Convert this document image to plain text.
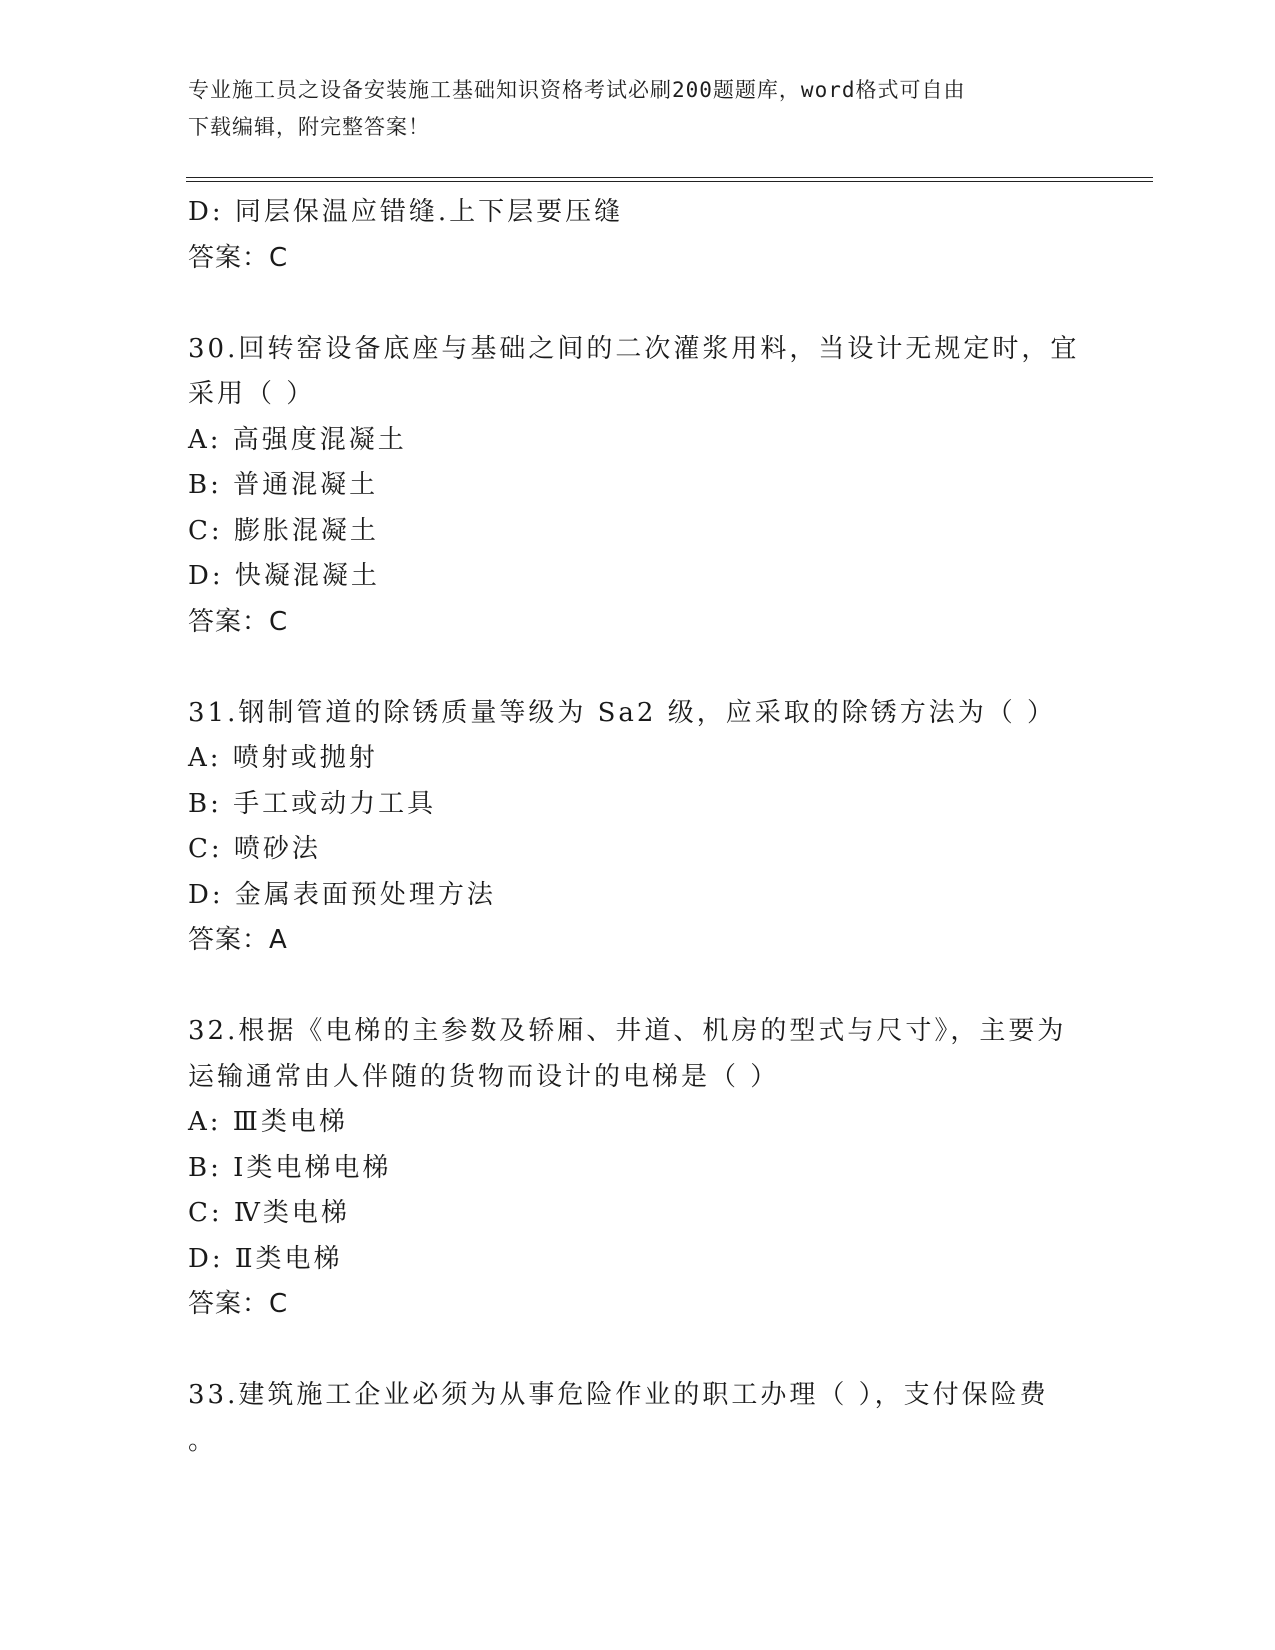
专业施工员之设备安装施工基础知识资格考试必刷200题题库，word格式可自由
下载编辑，附完整答案！
D: 同层保温应错缝.上下层要压缝
答案：C
30.回转窑设备底座与基础之间的二次灌浆用料，当设计无规定时，宜
采用（ ）
A: 高强度混凝土
B: 普通混凝土
C: 膨胀混凝土
D: 快凝混凝土
答案：C
31.钢制管道的除锈质量等级为 Sa2 级，应采取的除锈方法为（ ）
A: 喷射或抛射
B: 手工或动力工具
C: 喷砂法
D: 金属表面预处理方法
答案：A
32.根据《电梯的主参数及轿厢、井道、机房的型式与尺寸》，主要为
运输通常由人伴随的货物而设计的电梯是（ ）
A: Ⅲ类电梯
B: Ⅰ类电梯电梯
C: Ⅳ类电梯
D: Ⅱ类电梯
答案：C
33.建筑施工企业必须为从事危险作业的职工办理（ ），支付保险费
。
